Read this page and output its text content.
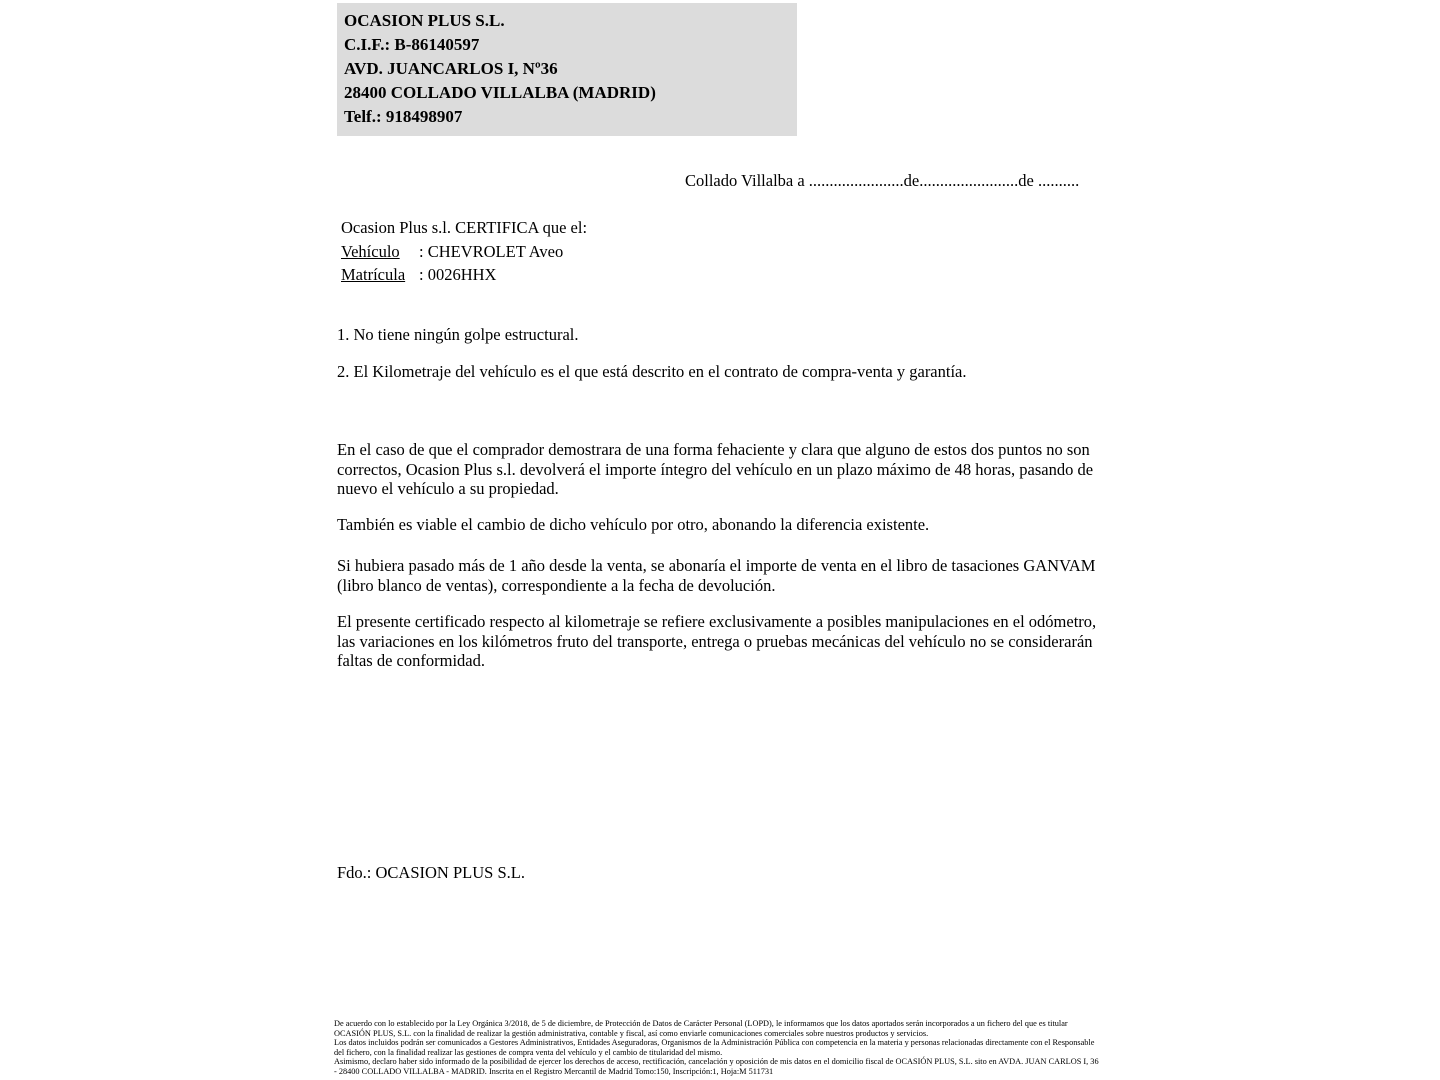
OCASION PLUS S.L.
C.I.F.: B-86140597
AVD. JUANCARLOS I, Nº36
28400 COLLADO VILLALBA (MADRID)
Telf.: 918498907
Collado Villalba a .......................de........................de ..........
Ocasion Plus s.l. CERTIFICA que el:
Vehículo : CHEVROLET Aveo
Matrícula : 0026HHX
1. No tiene ningún golpe estructural.
2. El Kilometraje del vehículo es el que está descrito en el contrato de compra-venta y garantía.
En el caso de que el comprador demostrara de una forma fehaciente y clara que alguno de estos dos puntos no son correctos, Ocasion Plus s.l. devolverá el importe íntegro del vehículo en un plazo máximo de 48 horas, pasando de nuevo el vehículo a su propiedad.
También es viable el cambio de dicho vehículo por otro, abonando la diferencia existente.
Si hubiera pasado más de 1 año desde la venta, se abonaría el importe de venta en el libro de tasaciones GANVAM (libro blanco de ventas), correspondiente a la fecha de devolución.
El presente certificado respecto al kilometraje se refiere exclusivamente a posibles manipulaciones en el odómetro, las variaciones en los kilómetros fruto del transporte, entrega o pruebas mecánicas del vehículo no se considerarán faltas de conformidad.
Fdo.: OCASION PLUS S.L.
De acuerdo con lo establecido por la Ley Orgánica 3/2018, de 5 de diciembre, de Protección de Datos de Carácter Personal (LOPD), le informamos que los datos aportados serán incorporados a un fichero del que es titular OCASIÓN PLUS, S.L. con la finalidad de realizar la gestión administrativa, contable y fiscal, así como enviarle comunicaciones comerciales sobre nuestros productos y servicios.
Los datos incluidos podrán ser comunicados a Gestores Administrativos, Entidades Aseguradoras, Organismos de la Administración Pública con competencia en la materia y personas relacionadas directamente con el Responsable del fichero, con la finalidad realizar las gestiones de compra venta del vehículo y el cambio de titularidad del mismo.
Asimismo, declaro haber sido informado de la posibilidad de ejercer los derechos de acceso, rectificación, cancelación y oposición de mis datos en el domicilio fiscal de OCASIÓN PLUS, S.L. sito en AVDA. JUAN CARLOS I, 36 - 28400 COLLADO VILLALBA - MADRID. Inscrita en el Registro Mercantil de Madrid Tomo:150, Inscripción:1, Hoja:M 511731
